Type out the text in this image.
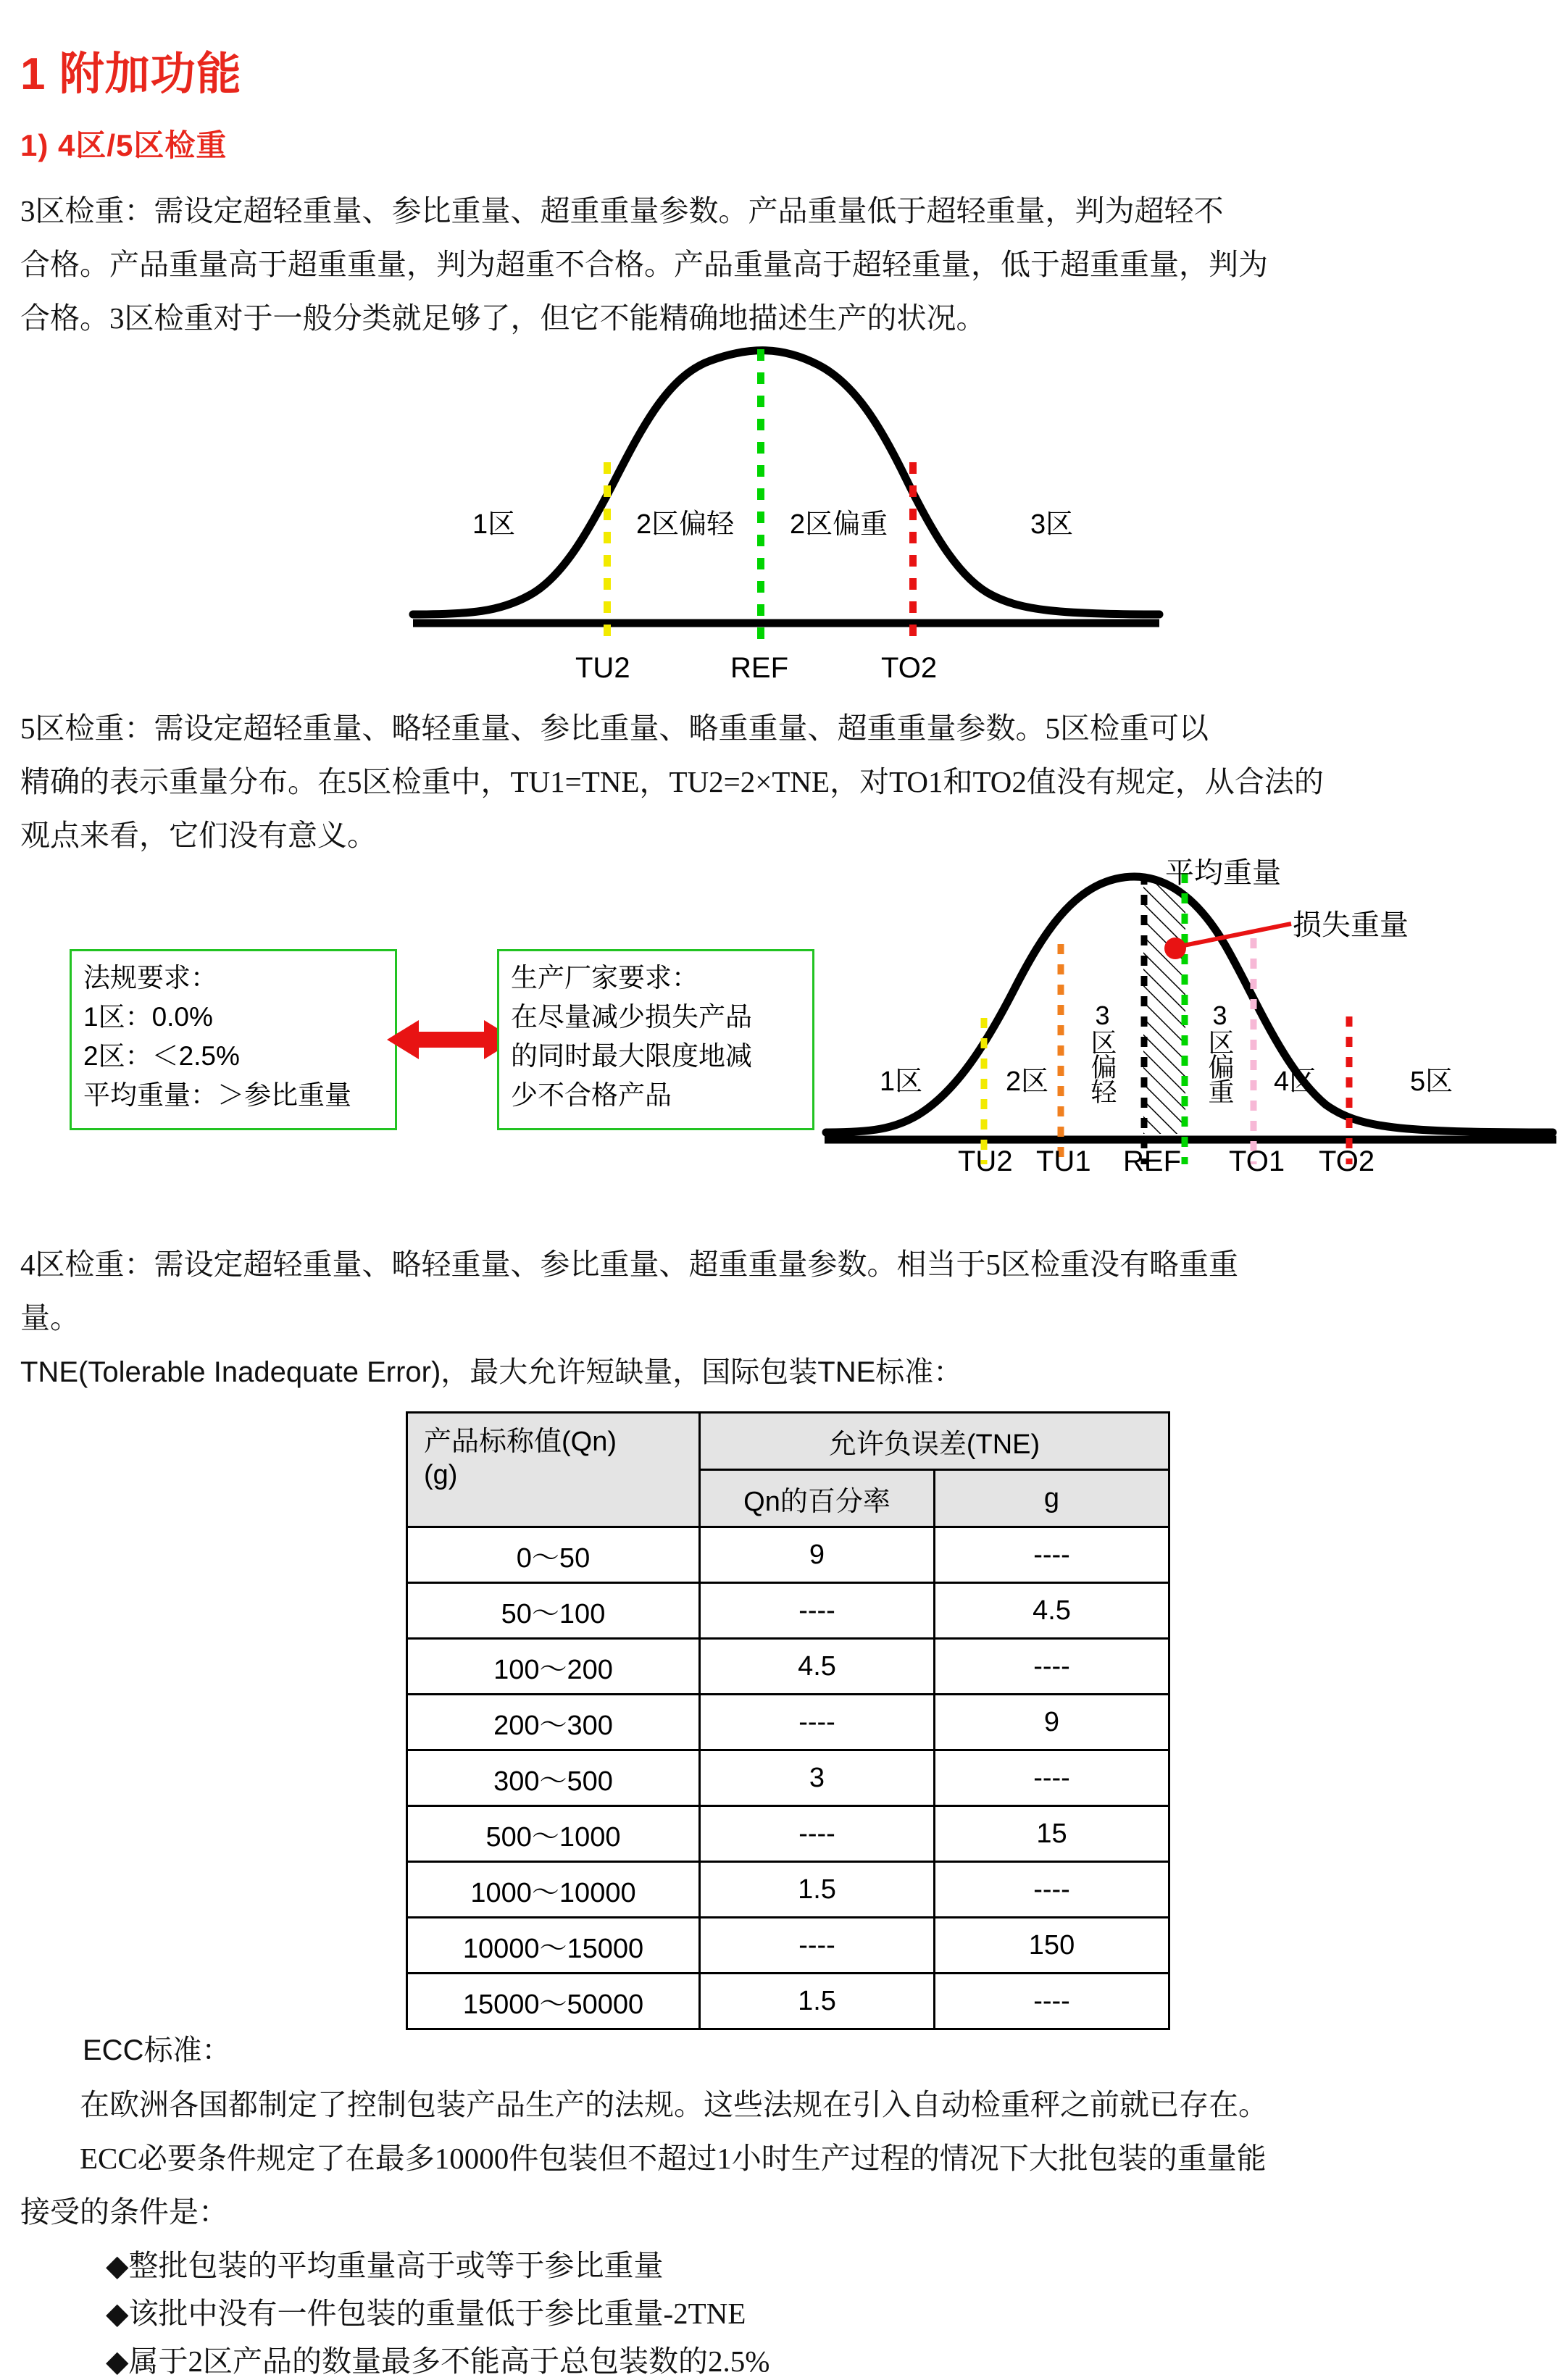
1 附加功能
1) 4区/5区检重
3区检重：需设定超轻重量、参比重量、超重重量参数。产品重量低于超轻重量，判为超轻不
合格。产品重量高于超重重量，判为超重不合格。产品重量高于超轻重量，低于超重重量，判为
合格。3区检重对于一般分类就足够了，但它不能精确地描述生产的状况。
1区	2区偏轻 2区偏重	3区
TU2	REF	TO2
5区检重：需设定超轻重量、略轻重量、参比重量、略重重量、超重重量参数。5区检重可以
精确的表示重量分布。在5区检重中，TU1=TNE，TU2=2×TNE，对TO1和TO2值没有规定，从合法的
观点来看，它们没有意义。
法规要求：
1区：0.0%
2区：＜2.5%
平均重量：＞参比重量
生产厂家要求：
在尽量减少损失产品
的同时最大限度地减
少不合格产品	1区	2区 3区偏轻	3区偏重 4区	5区
TU2 TU1 REF TO1 TO2
平均重量
损失重量
4区检重：需设定超轻重量、略轻重量、参比重量、超重重量参数。相当于5区检重没有略重重
量。
TNE(Tolerable Inadequate Error)，最大允许短缺量，国际包装TNE标准：
产品标称值(Qn)
(g)	允许负误差(TNE)	
	Qn的百分率	g
0～50	9	----
50～100	----	4.5
100～200	4.5	----
200～300	----	9
300～500	3	----
500～1000	----	15
1000～10000	1.5	----
10000～15000	----	150
15000～50000	1.5	----
ECC标准：
在欧洲各国都制定了控制包装产品生产的法规。这些法规在引入自动检重秤之前就已存在。
ECC必要条件规定了在最多10000件包装但不超过1小时生产过程的情况下大批包装的重量能
接受的条件是：
◆整批包装的平均重量高于或等于参比重量
◆该批中没有一件包装的重量低于参比重量-2TNE
◆属于2区产品的数量最多不能高于总包装数的2.5%
